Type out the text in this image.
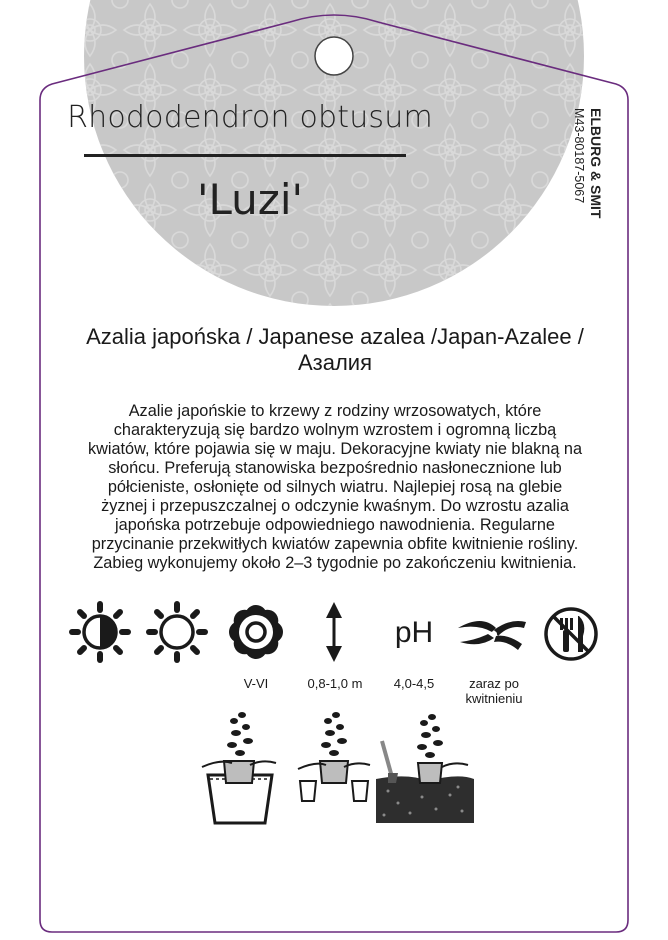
Rhododendron obtusum
'Luzi'	ELBURG & SMIT
M43-80187-5067
Azalia japońska / Japanese azalea /Japan-Azalee / Азалия
Azalie japońskie to krzewy z rodziny wrzosowatych, które charakteryzują się bardzo wolnym wzrostem i ogromną liczbą kwiatów, które pojawia się w maju. Dekoracyjne kwiaty nie blakną na słońcu. Preferują stanowiska bezpośrednio nasłonecznione lub półcieniste, osłonięte od silnych wiatru. Najlepiej rosą na glebie żyznej i przepuszczalnej o odczynie kwaśnym. Do wzrostu azalia japońska potrzebuje odpowiedniego nawodnienia. Regularne przycinanie przekwitłych kwiatów zapewnia obfite kwitnienie rośliny. Zabieg wykonujemy około 2–3 tygodnie po zakończeniu kwitnienia.
pH
V-VI	0,8-1,0 m	4,0-4,5	zaraz po kwitnieniu
